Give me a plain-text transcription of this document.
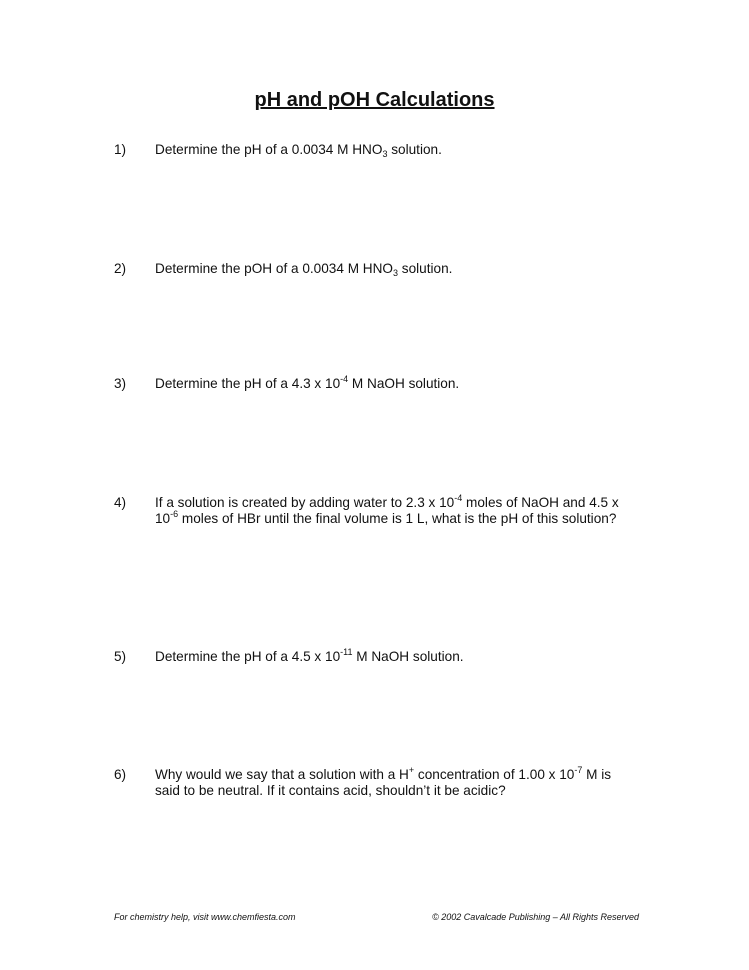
pH and pOH Calculations
1) Determine the pH of a 0.0034 M $HNO_3$ solution.
2) Determine the pOH of a 0.0034 M $HNO_3$ solution.
3) Determine the pH of a 4.3 x $10^{-4}$ M NaOH solution.
4) If a solution is created by adding water to 2.3 x $10^{-4}$ moles of NaOH and 4.5 x $10^{-6}$ moles of HBr until the final volume is 1 L, what is the pH of this solution?
5) Determine the pH of a 4.5 x $10^{-11}$ M NaOH solution.
6) Why would we say that a solution with a H+ concentration of 1.00 x $10^{-7}$ M is said to be neutral. If it contains acid, shouldn’t it be acidic?
For chemistry help, visit www.chemfiesta.com	© 2002 Cavalcade Publishing – All Rights Reserved
